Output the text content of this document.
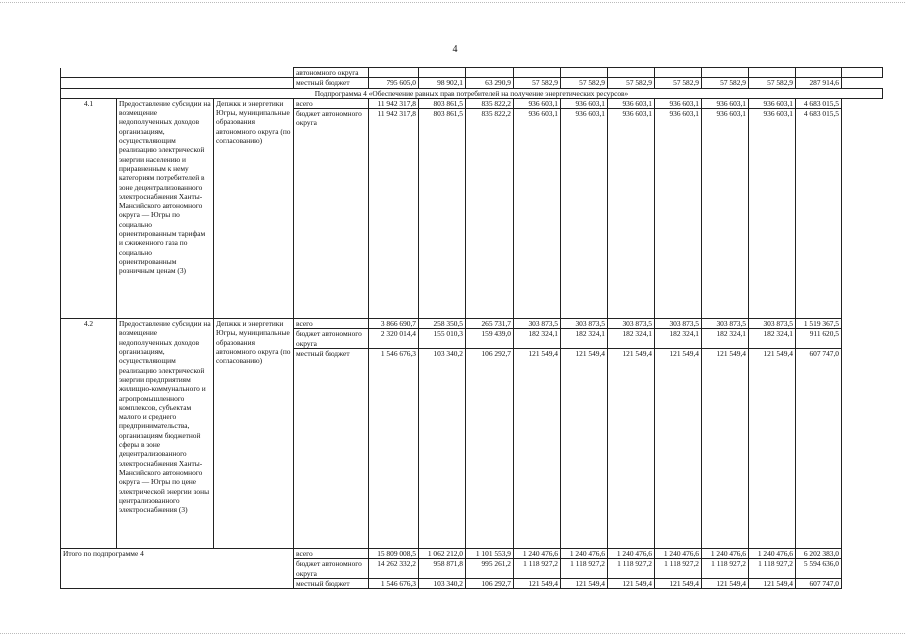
4
			автономного округа											
			местный бюджет	795 605,0	98 902,1	63 290,9	57 582,9	57 582,9	57 582,9	57 582,9	57 582,9	57 582,9	287 914,6	
Подпрограмма 4 «Обеспечение равных прав потребителей на получение энергетических ресурсов»														
4.1	Предоставление субсидии на возмещение недополученных доходов организациям, осуществляющим реализацию электрической энергии населению и приравненным к нему категориям потребителей в зоне децентрализованного электроснабжения Ханты-Мансийского автономного округа — Югры по социально ориентированным тарифам и сжиженного газа по социально ориентированным розничным ценам (3)	Депжкк и энергетики Югры, муниципальные образования автономного округа (по согласованию)	всего	11 942 317,8	803 861,5	835 822,2	936 603,1	936 603,1	936 603,1	936 603,1	936 603,1	936 603,1	4 683 015,5	
			бюджет автономного округа	11 942 317,8	803 861,5	835 822,2	936 603,1	936 603,1	936 603,1	936 603,1	936 603,1	936 603,1	4 683 015,5	
4.2	Предоставление субсидии на возмещение недополученных доходов организациям, осуществляющим реализацию электрической энергии предприятиям жилищно-коммунального и агропромышленного комплексов, субъектам малого и среднего предпринимательства, организациям бюджетной сферы в зоне децентрализованного электроснабжения Ханты-Мансийского автономного округа — Югры по цене электрической энергии зоны централизованного электроснабжения (3)	Депжкк и энергетики Югры, муниципальные образования автономного округа (по согласованию)	всего	3 866 690,7	258 350,5	265 731,7	303 873,5	303 873,5	303 873,5	303 873,5	303 873,5	303 873,5	1 519 367,5	
			бюджет автономного округа	2 320 014,4	155 010,3	159 439,0	182 324,1	182 324,1	182 324,1	182 324,1	182 324,1	182 324,1	911 620,5	
			местный бюджет	1 546 676,3	103 340,2	106 292,7	121 549,4	121 549,4	121 549,4	121 549,4	121 549,4	121 549,4	607 747,0	
Итого по подпрограмме 4			всего	15 809 008,5	1 062 212,0	1 101 553,9	1 240 476,6	1 240 476,6	1 240 476,6	1 240 476,6	1 240 476,6	1 240 476,6	6 202 383,0	
			бюджет автономного округа	14 262 332,2	958 871,8	995 261,2	1 118 927,2	1 118 927,2	1 118 927,2	1 118 927,2	1 118 927,2	1 118 927,2	5 594 636,0	
			местный бюджет	1 546 676,3	103 340,2	106 292,7	121 549,4	121 549,4	121 549,4	121 549,4	121 549,4	121 549,4	607 747,0	
